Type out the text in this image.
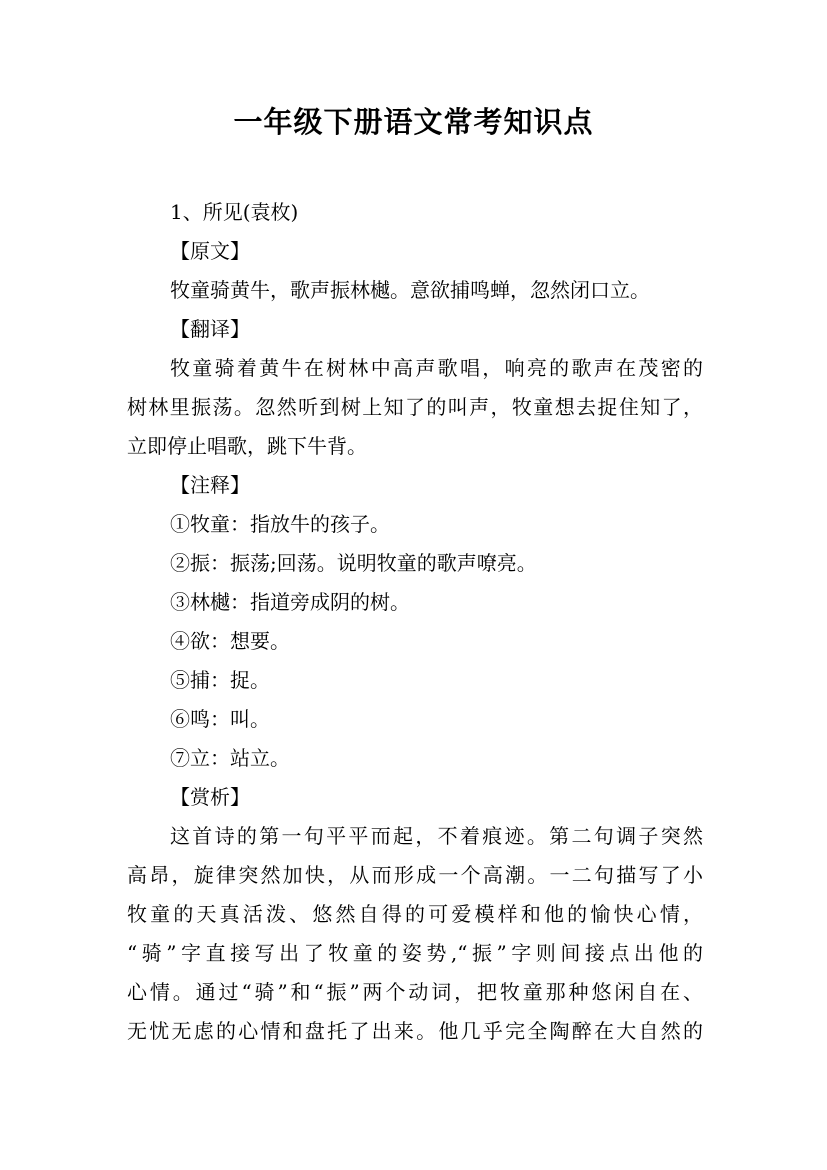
一年级下册语文常考知识点
1、所见(袁枚)
【原文】
牧童骑黄牛，歌声振林樾。意欲捕鸣蝉，忽然闭口立。
【翻译】
牧童骑着黄牛在树林中高声歌唱，响亮的歌声在茂密的
树林里振荡。忽然听到树上知了的叫声，牧童想去捉住知了，
立即停止唱歌，跳下牛背。
【注释】
①牧童：指放牛的孩子。
②振：振荡;回荡。说明牧童的歌声嘹亮。
③林樾：指道旁成阴的树。
④欲：想要。
⑤捕：捉。
⑥鸣：叫。
⑦立：站立。
【赏析】
这首诗的第一句平平而起，不着痕迹。第二句调子突然
高昂，旋律突然加快，从而形成一个高潮。一二句描写了小
牧童的天真活泼、悠然自得的可爱模样和他的愉快心情，
“骑”字直接写出了牧童的姿势,“振”字则间接点出他的
心情。通过“骑”和“振”两个动词，把牧童那种悠闲自在、
无忧无虑的心情和盘托了出来。他几乎完全陶醉在大自然的
